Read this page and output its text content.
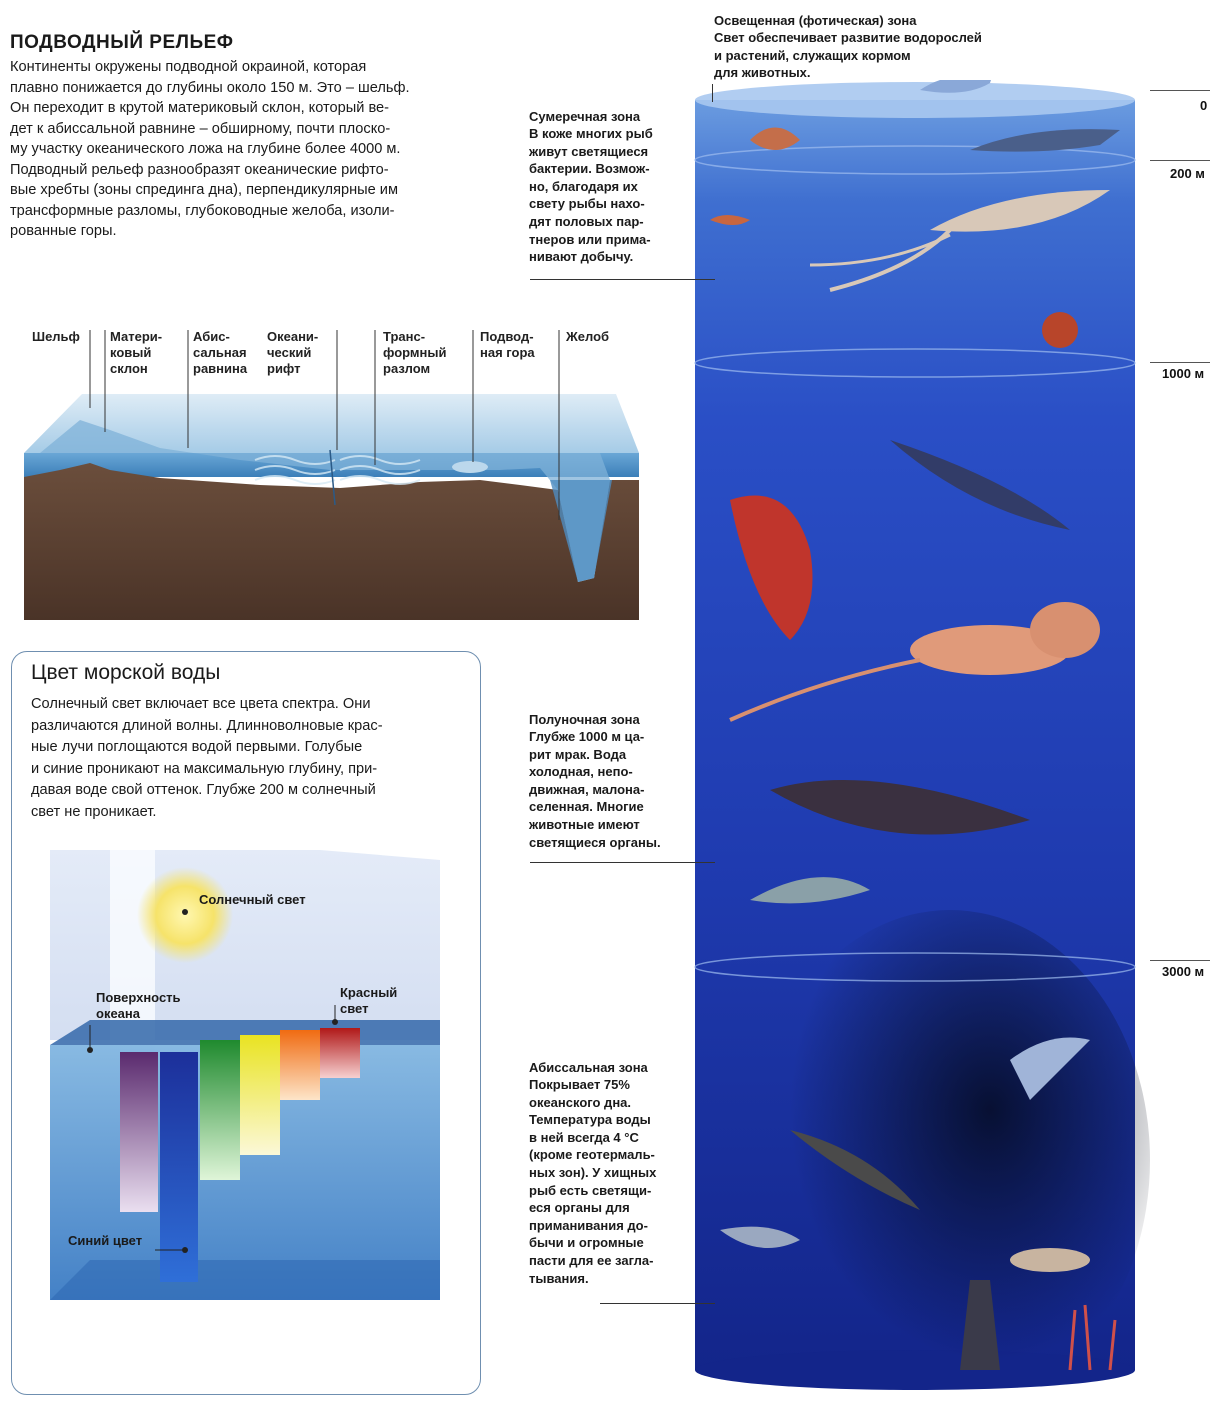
ПОДВОДНЫЙ РЕЛЬЕФ
Континенты окружены подводной окраиной, которая
плавно понижается до глубины около 150 м. Это – шельф.
Он переходит в крутой материковый склон, который ве-
дет к абиссальной равнине – обширному, почти плоско-
му участку океанического ложа на глубине более 4000 м.
Подводный рельеф разнообразят океанические рифто-
вые хребты (зоны спрединга дна), перпендикулярные им
трансформные разломы, глубоководные желоба, изоли-
рованные горы.
Шельф Матери-
ковый
склон
Абис-
сальная
равнина
Океани-
ческий
рифт
Транс-
формный
разлом
Подвод-
ная гора
Желоб
Цвет морской воды
Солнечный свет включает все цвета спектра. Они
различаются длиной волны. Длинноволновые крас-
ные лучи поглощаются водой первыми. Голубые
и синие проникают на максимальную глубину, при-
давая воде свой оттенок. Глубже 200 м солнечный
свет не проникает.
Солнечный свет
Поверхность
океана
Красный
свет
Синий цвет
0
200 м
1000 м
3000 м
Освещенная (фотическая) зона
Свет обеспечивает развитие водорослей
и растений, служащих кормом
для животных.
Сумеречная зона
В коже многих рыб
живут светящиеся
бактерии. Возмож-
но, благодаря их
свету рыбы нахо-
дят половых пар-
тнеров или прима-
нивают добычу.
Полуночная зона
Глубже 1000 м ца-
рит мрак. Вода
холодная, непо-
движная, малона-
селенная. Многие
животные имеют
светящиеся органы.
Абиссальная зона
Покрывает 75%
океанского дна.
Температура воды
в ней всегда 4 °С
(кроме геотермаль-
ных зон). У хищных
рыб есть светящи-
еся органы для
приманивания до-
бычи и огромные
пасти для ее загла-
тывания.
